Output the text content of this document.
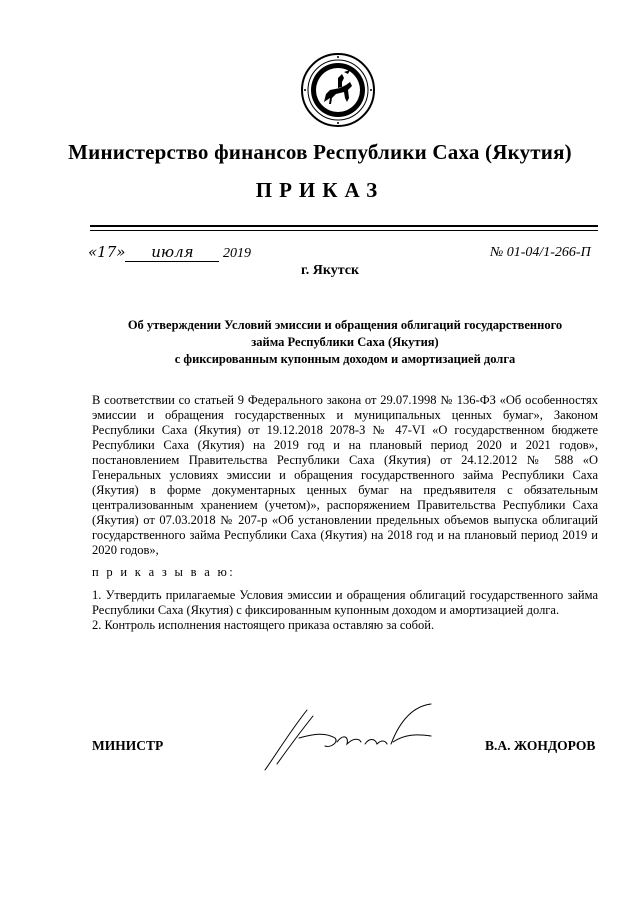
Министерство финансов Республики Саха (Якутия)
ПРИКАЗ
«17» июля 2019	№ 01-04/1-266-П
г. Якутск
Об утверждении Условий эмиссии и обращения облигаций государственного
займа Республики Саха (Якутия)
с фиксированным купонным доходом и амортизацией долга

В соответствии со статьей 9 Федерального закона от 29.07.1998 № 136-ФЗ «Об особенностях эмиссии и обращения государственных и муниципальных ценных бумаг», Законом Республики Саха (Якутия) от 19.12.2018 2078-З № 47-VI «О государственном бюджете Республики Саха (Якутия) на 2019 год и на плановый период 2020 и 2021 годов», постановлением Правительства Республики Саха (Якутия) от 24.12.2012 № 588 «О Генеральных условиях эмиссии и обращения государственного займа Республики Саха (Якутия) в форме документарных ценных бумаг на предъявителя с обязательным централизованным хранением (учетом)», распоряжением Правительства Республики Саха (Якутия) от 07.03.2018 № 207-р «Об установлении предельных объемов выпуска облигаций государственного займа Республики Саха (Якутия) на 2018 год и на плановый период 2019 и 2020 годов»,

п р и к а з ы в а ю:

1. Утвердить прилагаемые Условия эмиссии и обращения облигаций государственного займа Республики Саха (Якутия) с фиксированным купонным доходом и амортизацией долга.

2. Контроль исполнения настоящего приказа оставляю за собой.

МИНИСТР	В.А. ЖОНДОРОВ
